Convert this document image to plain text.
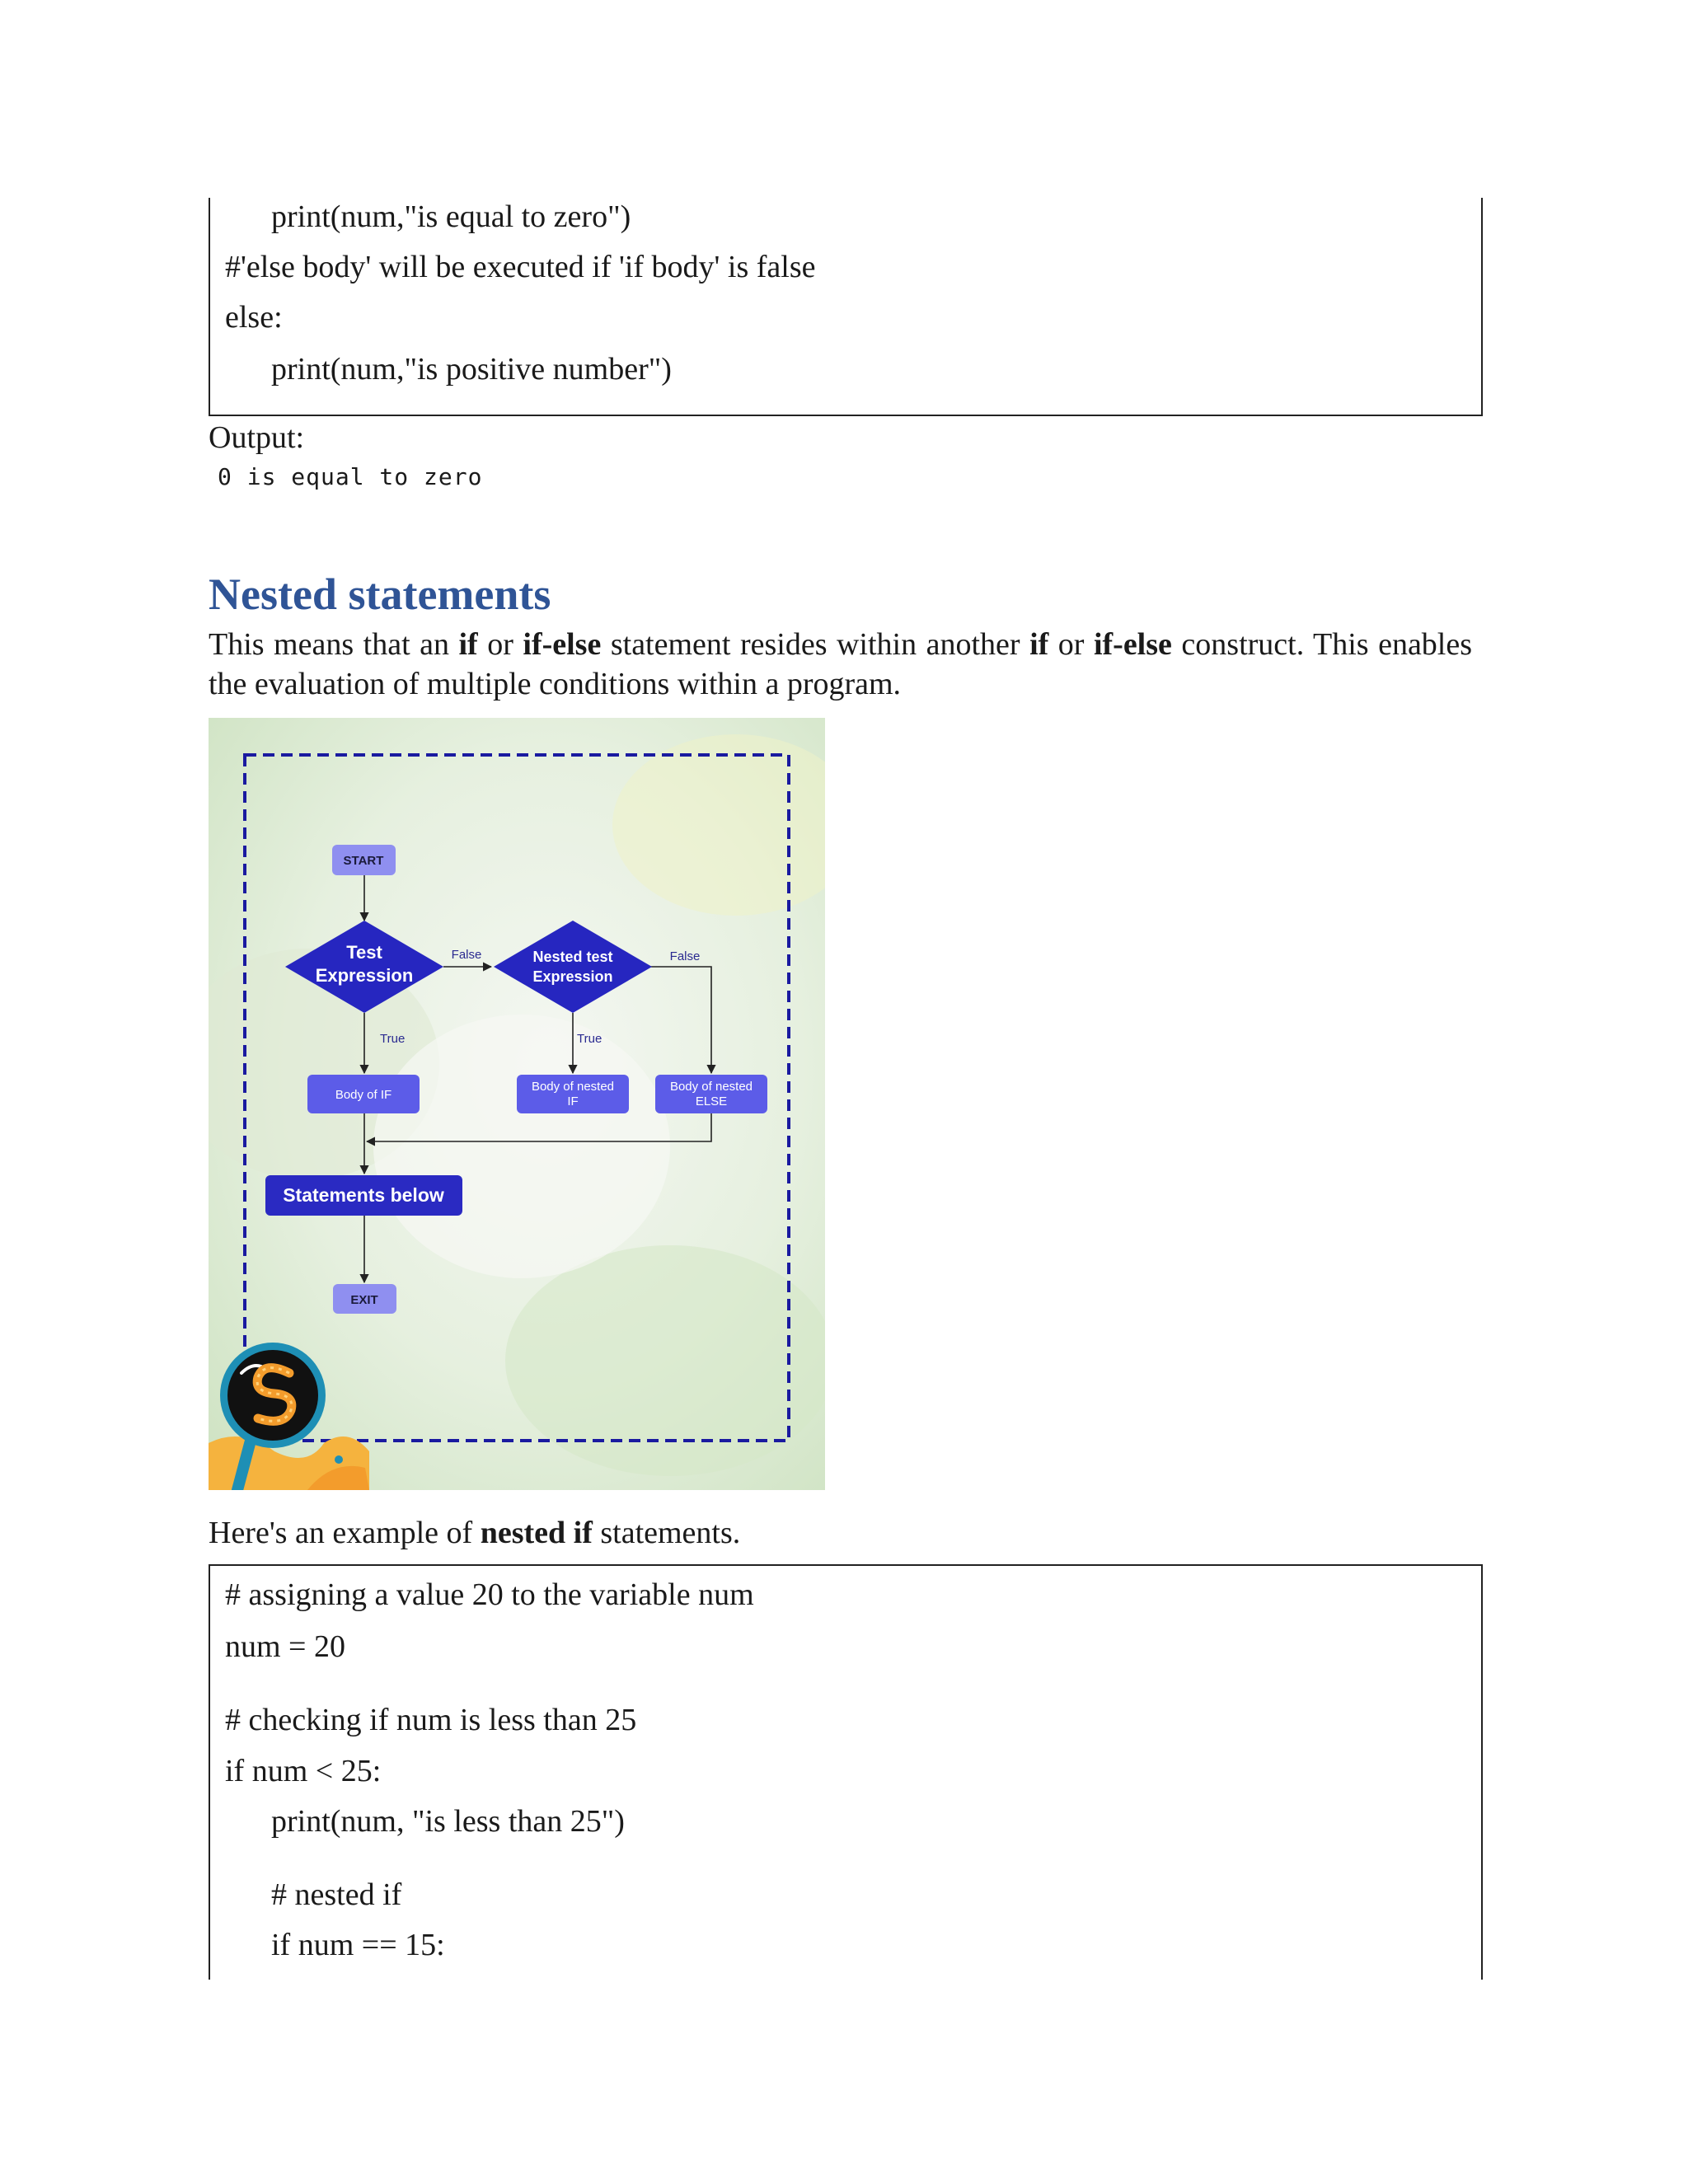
print(num,"is equal to zero")

#'else body' will be executed if 'if body' is false

else:

print(num,"is positive number")

Output:

0 is equal to zero

Nested statements

This means that an if or if-else statement resides within another if or if-else construct. This enables the evaluation of multiple conditions within a program.

START
Test
Expression
False	Nested test
Expression
False
True	True
Body of IF
Body of nested
IF
Body of nested
ELSE
Statements below
EXIT

Here's an example of nested if statements.

# assigning a value 20 to the variable num

num = 20

# checking if num is less than 25

if num < 25:

print(num, "is less than 25")

# nested if

if num == 15:
